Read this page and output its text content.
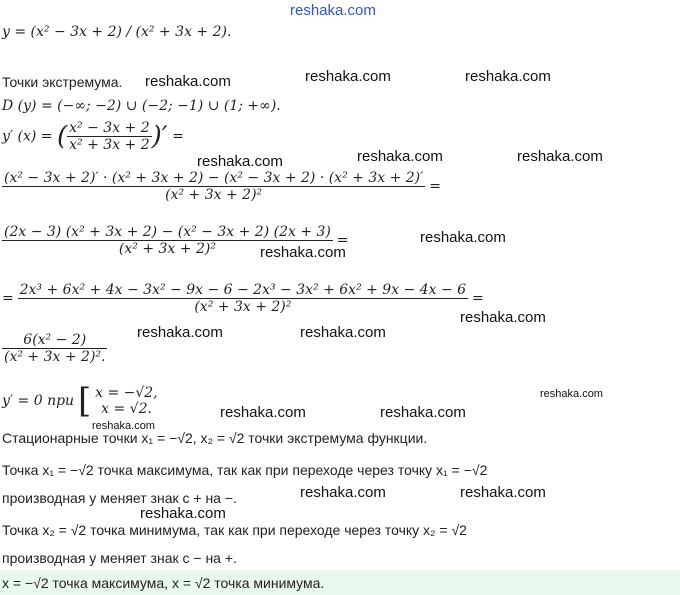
reshaka.com
reshaka.com	reshaka.com	reshaka.com
reshaka.com	reshaka.com	reshaka.com
reshaka.com
reshaka.com
reshaka.com
reshaka.com	reshaka.com
reshaka.com
reshaka.com	reshaka.com
reshaka.com
reshaka.com	reshaka.com
reshaka.com
y = (x² − 3x + 2) / (x² + 3x + 2).
Точки экстремума.
D (y) = (−∞; −2) ∪ (−2; −1) ∪ (1; +∞).
y′ (x) = ( $\frac{\text{x² − 3x + 2}}{\text{x² + 3x + 2}}$ )′ =
(x² − 3x + 2)′ · (x² + 3x + 2) − (x² − 3x + 2) · (x² + 3x + 2)′
(x² + 3x + 2)²
=
$\frac{\text{(2x − 3) (x² + 3x + 2) − (x² − 3x + 2) (2x + 3)}}{\text{(x² + 3x + 2)²}}$ =
=
2x³ + 6x² + 4x − 3x² − 9x − 6 − 2x³ − 3x² + 6x² + 9x − 4x − 6
(x² + 3x + 2)²
=
$\frac{\text{6(x² − 2)}}{\text{(x² + 3x + 2)².}}$
y′ = 0 при [ x = −√2,
x = √2.
Стационарные точки x₁ = −√2, x₂ = √2 точки экстремума функции.
Точка x₁ = −√2 точка максимума, так как при переходе через точку x₁ = −√2
производная y меняет знак с + на −.
Точка x₂ = √2 точка минимума, так как при переходе через точку x₂ = √2
производная y меняет знак с − на +.
x = −√2 точка максимума, x = √2 точка минимума.
